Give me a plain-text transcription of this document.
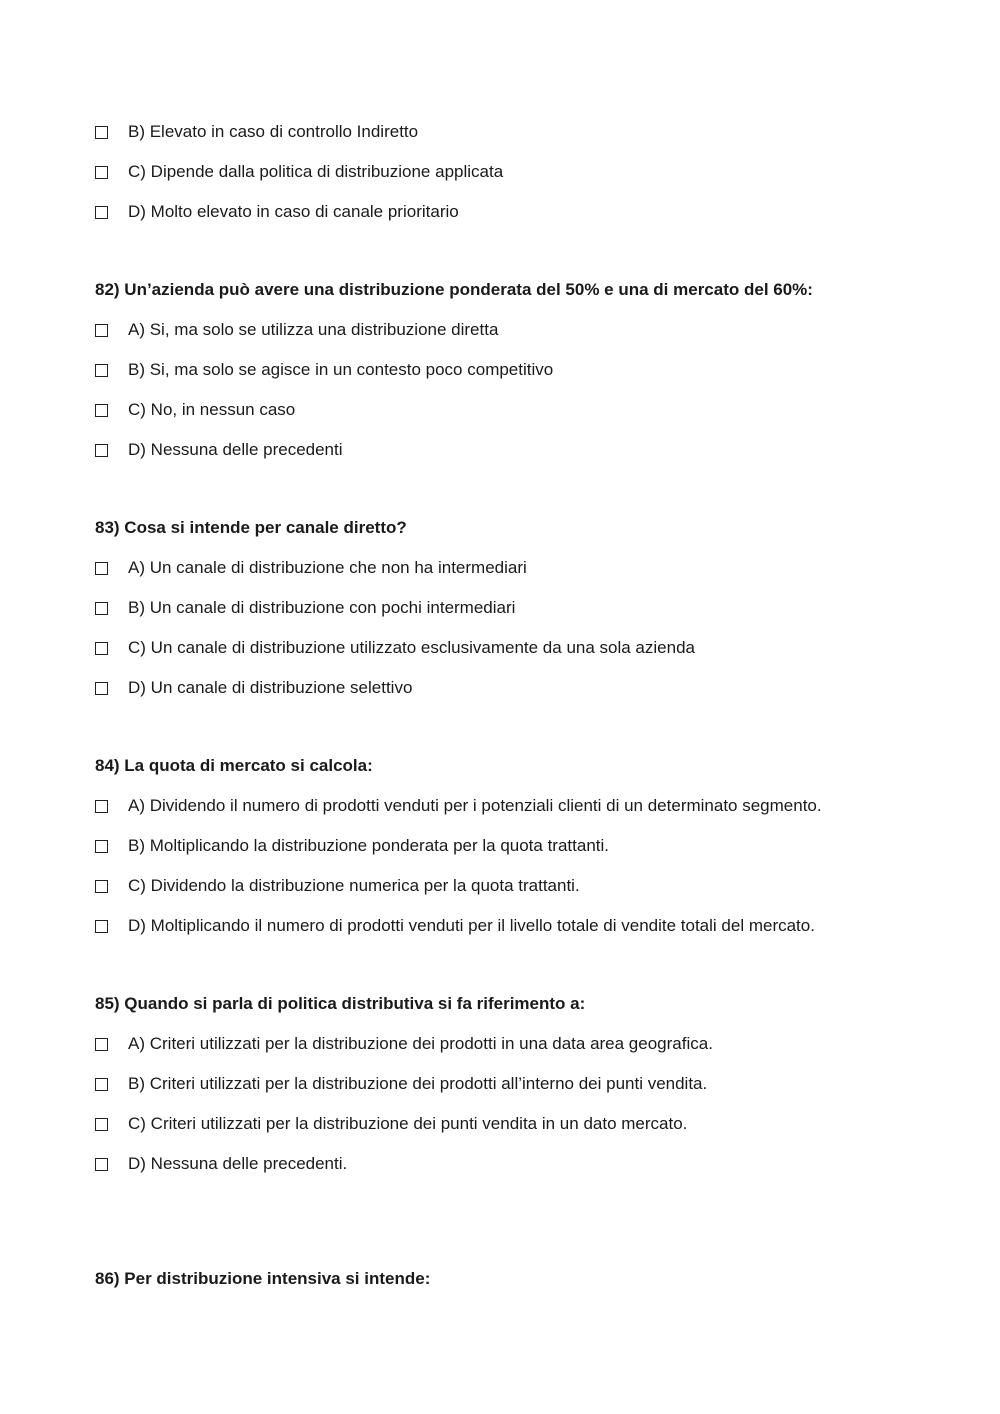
B) Elevato in caso di controllo Indiretto
C) Dipende dalla politica di distribuzione applicata
D) Molto elevato in caso di canale prioritario
82) Un’azienda può avere una distribuzione ponderata del 50% e una di mercato del 60%:
A) Si, ma solo se utilizza una distribuzione diretta
B) Si, ma solo se agisce in un contesto poco competitivo
C) No, in nessun caso
D) Nessuna delle precedenti
83) Cosa si intende per canale diretto?
A) Un canale di distribuzione che non ha intermediari
B) Un canale di distribuzione con pochi intermediari
C) Un canale di distribuzione utilizzato esclusivamente da una sola azienda
D) Un canale di distribuzione selettivo
84) La quota di mercato si calcola:
A) Dividendo il numero di prodotti venduti per i potenziali clienti di un determinato segmento.
B) Moltiplicando la distribuzione ponderata per la quota trattanti.
C) Dividendo la distribuzione numerica per la quota trattanti.
D) Moltiplicando il numero di prodotti venduti per il livello totale di vendite totali del mercato.
85) Quando si parla di politica distributiva si fa riferimento a:
A) Criteri utilizzati per la distribuzione dei prodotti in una data area geografica.
B) Criteri utilizzati per la distribuzione dei prodotti all’interno dei punti vendita.
C) Criteri utilizzati per la distribuzione dei punti vendita in un dato mercato.
D) Nessuna delle precedenti.
86) Per distribuzione intensiva si intende:
